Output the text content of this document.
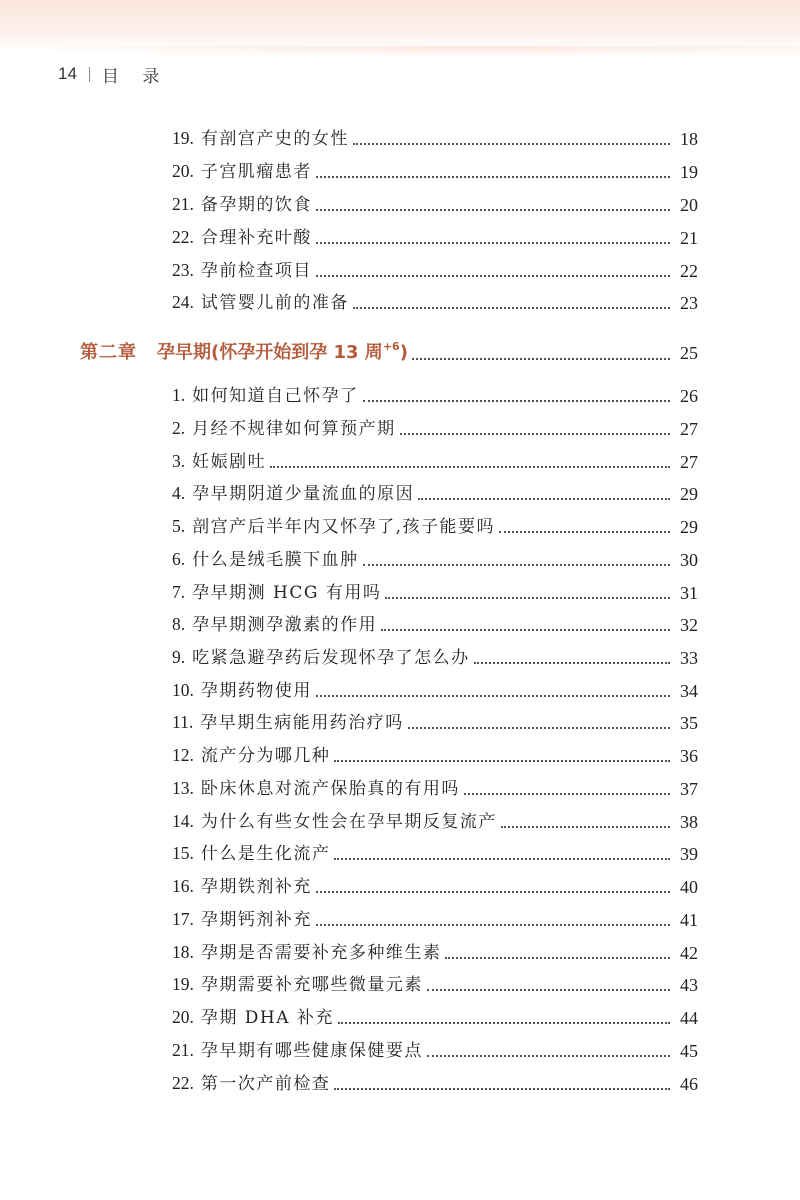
14 目 录
19. 有剖宫产史的女性	18
20. 子宫肌瘤患者	19
21. 备孕期的饮食	20
22. 合理补充叶酸	21
23. 孕前检查项目	22
24. 试管婴儿前的准备	23
第二章 孕早期(怀孕开始到孕 13 周$^{+6}$)	25
1. 如何知道自己怀孕了	26
2. 月经不规律如何算预产期	27
3. 妊娠剧吐	27
4. 孕早期阴道少量流血的原因	29
5. 剖宫产后半年内又怀孕了,孩子能要吗	29
6. 什么是绒毛膜下血肿	30
7. 孕早期测 HCG 有用吗	31
8. 孕早期测孕激素的作用	32
9. 吃紧急避孕药后发现怀孕了怎么办	33
10. 孕期药物使用	34
11. 孕早期生病能用药治疗吗	35
12. 流产分为哪几种	36
13. 卧床休息对流产保胎真的有用吗	37
14. 为什么有些女性会在孕早期反复流产	38
15. 什么是生化流产	39
16. 孕期铁剂补充	40
17. 孕期钙剂补充	41
18. 孕期是否需要补充多种维生素	42
19. 孕期需要补充哪些微量元素	43
20. 孕期 DHA 补充	44
21. 孕早期有哪些健康保健要点	45
22. 第一次产前检查	46
